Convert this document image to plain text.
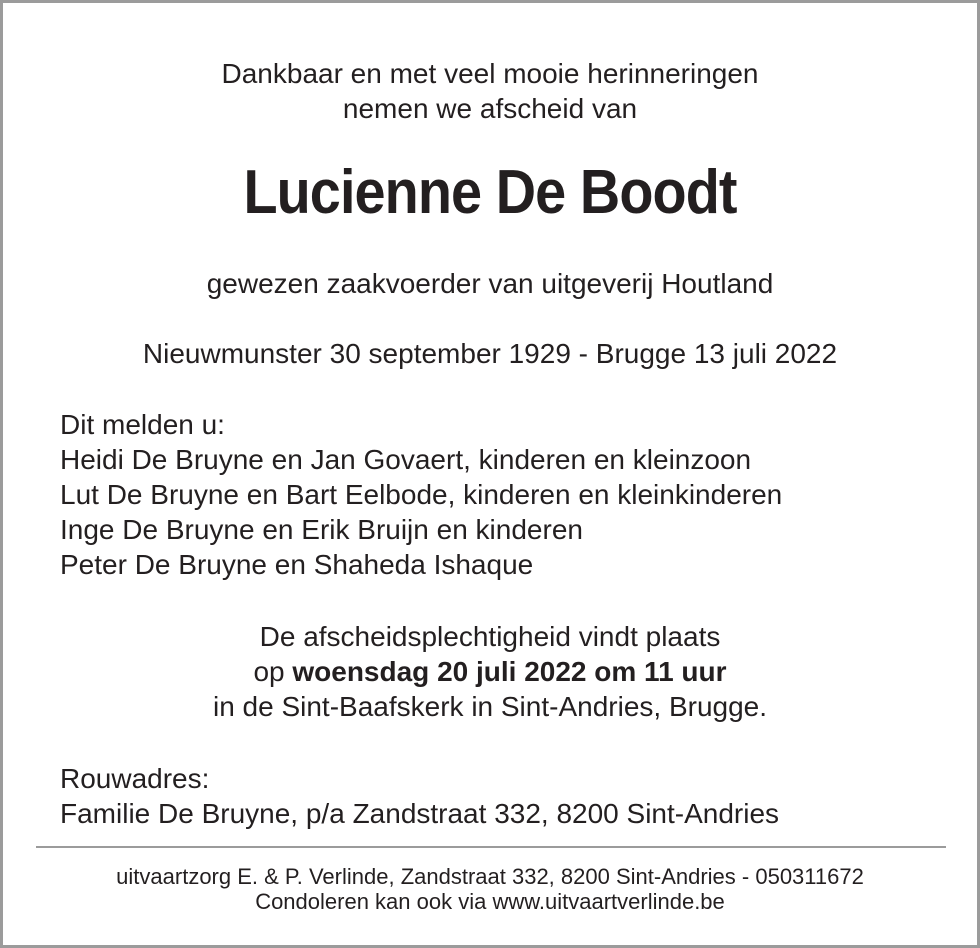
Dankbaar en met veel mooie herinneringen
nemen we afscheid van
Lucienne De Boodt
gewezen zaakvoerder van uitgeverij Houtland
Nieuwmunster 30 september 1929 - Brugge 13 juli 2022
Dit melden u:
Heidi De Bruyne en Jan Govaert, kinderen en kleinzoon
Lut De Bruyne en Bart Eelbode, kinderen en kleinkinderen
Inge De Bruyne en Erik Bruijn en kinderen
Peter De Bruyne en Shaheda Ishaque
De afscheidsplechtigheid vindt plaats
op woensdag 20 juli 2022 om 11 uur
in de Sint-Baafskerk in Sint-Andries, Brugge.
Rouwadres:
Familie De Bruyne, p/a Zandstraat 332, 8200 Sint-Andries
uitvaartzorg E. & P. Verlinde, Zandstraat 332, 8200 Sint-Andries - 050311672
Condoleren kan ook via www.uitvaartverlinde.be
